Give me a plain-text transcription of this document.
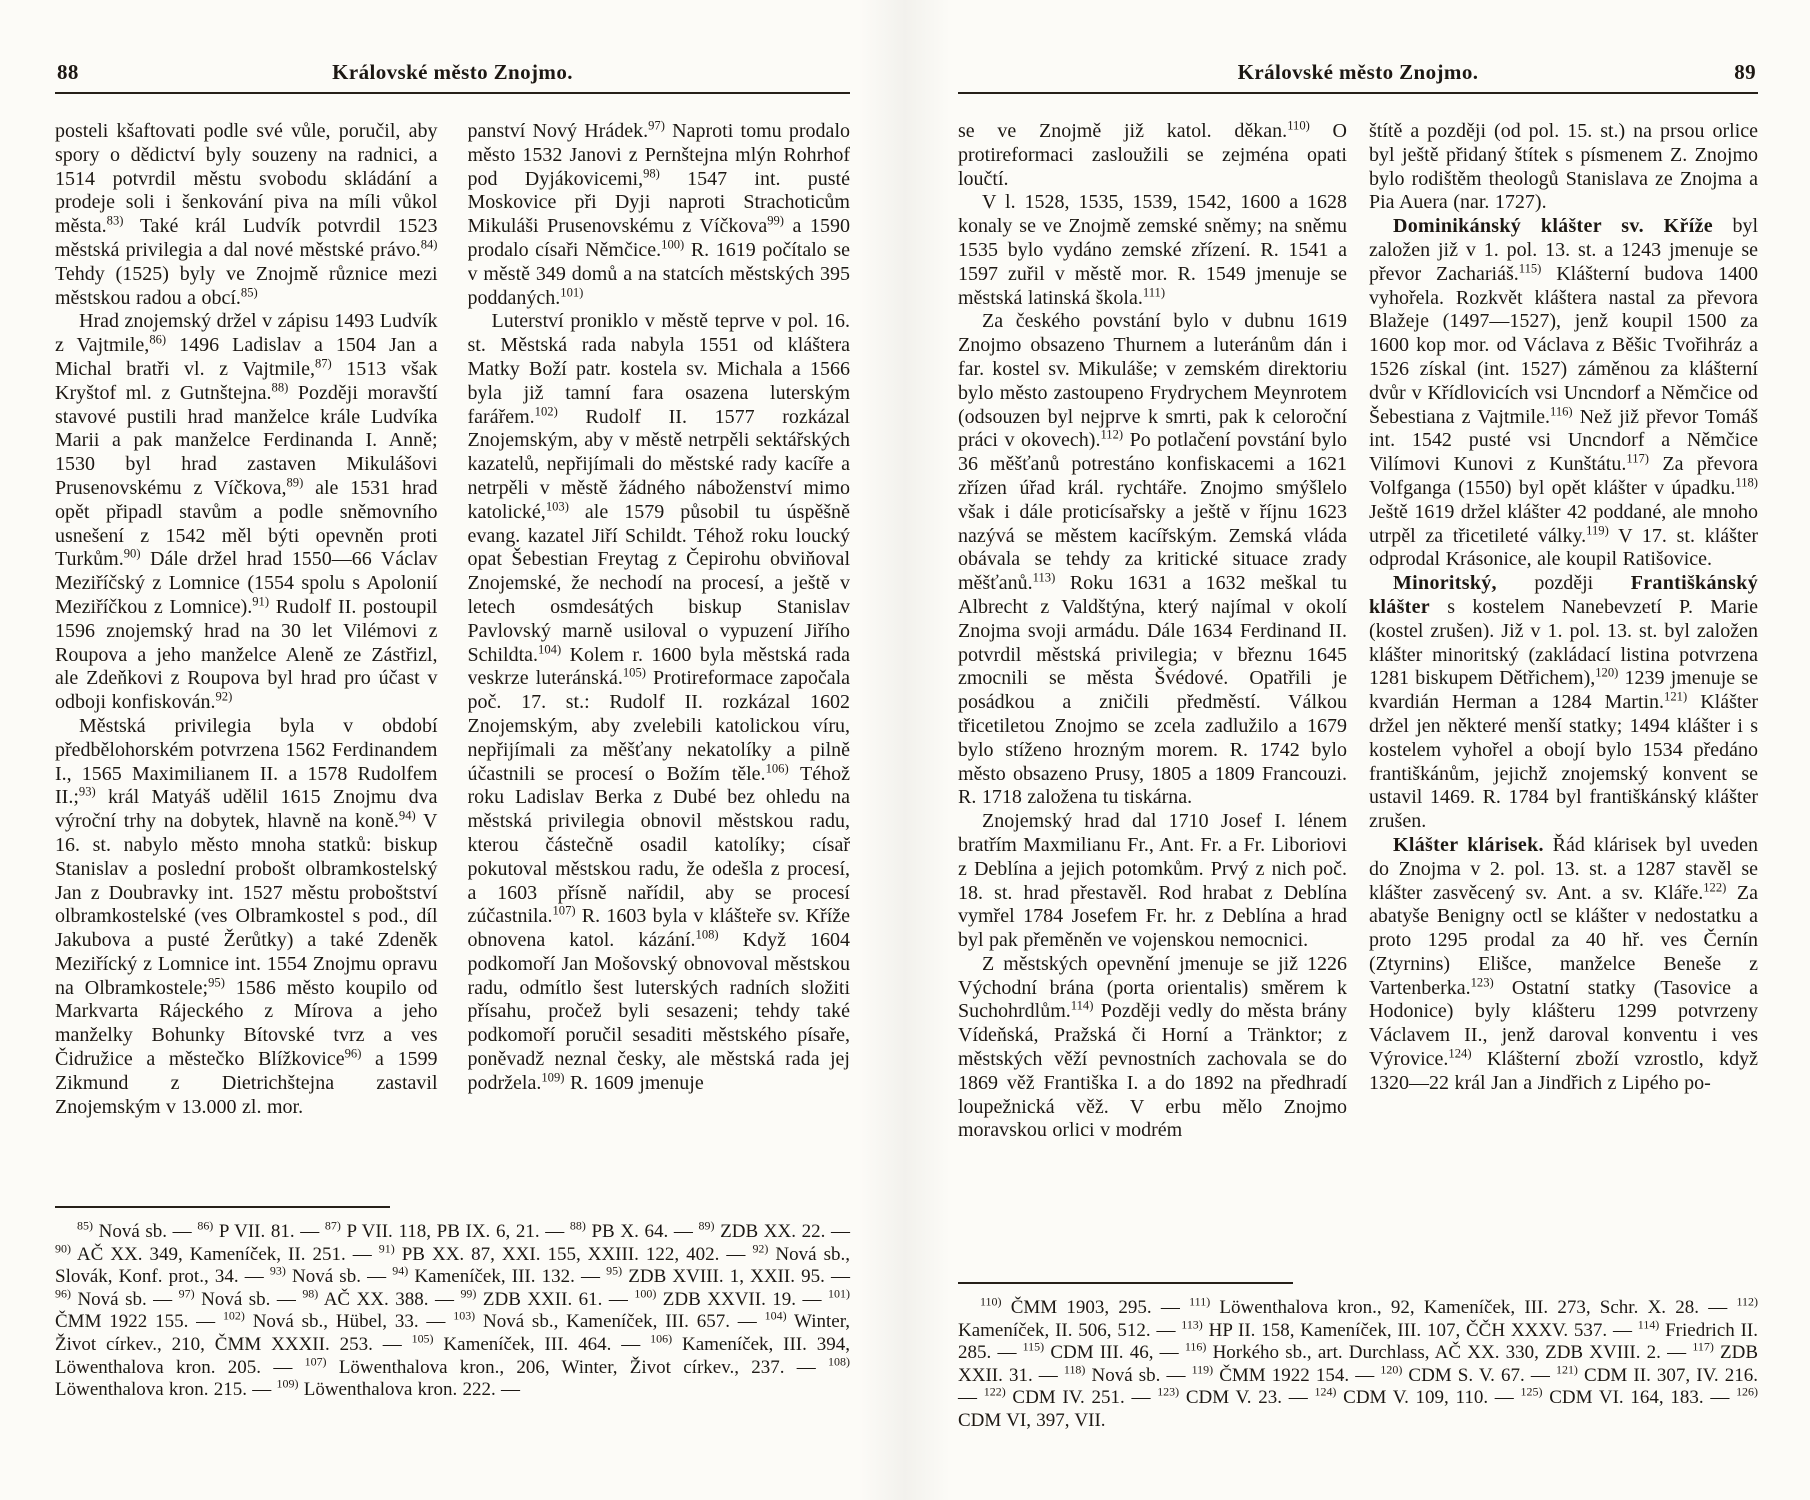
88	Královské město Znojmo.

posteli kšaftovati podle své vůle, poručil, aby spory o dědictví byly souzeny na radnici, a 1514 potvrdil městu svobodu skládání a prodeje soli i šenkování piva na míli vůkol města.$^{83)}$ Také král Ludvík potvrdil 1523 městská privilegia a dal nové městské právo.$^{84)}$ Tehdy (1525) byly ve Znojmě různice mezi městskou radou a obcí.$^{85)}$

Hrad znojemský držel v zápisu 1493 Ludvík z Vajtmile,$^{86)}$ 1496 Ladislav a 1504 Jan a Michal bratři vl. z Vajtmile,$^{87)}$ 1513 však Kryštof ml. z Gutnštejna.$^{88)}$ Později moravští stavové pustili hrad manželce krále Ludvíka Marii a pak manželce Ferdinanda I. Anně; 1530 byl hrad zastaven Mikulášovi Prusenovskému z Víčkova,$^{89)}$ ale 1531 hrad opět připadl stavům a podle sněmovního usnešení z 1542 měl býti opevněn proti Turkům.$^{90)}$ Dále držel hrad 1550—66 Václav Meziříčský z Lomnice (1554 spolu s Apolonií Meziříčkou z Lomnice).$^{91)}$ Rudolf II. postoupil 1596 znojemský hrad na 30 let Vilémovi z Roupova a jeho manželce Aleně ze Zástřizl, ale Zdeňkovi z Roupova byl hrad pro účast v odboji konfiskován.$^{92)}$

Městská privilegia byla v období předbělohorském potvrzena 1562 Ferdinandem I., 1565 Maximilianem II. a 1578 Rudolfem II.;$^{93)}$ král Matyáš udělil 1615 Znojmu dva výroční trhy na dobytek, hlavně na koně.$^{94)}$ V 16. st. nabylo město mnoha statků: biskup Stanislav a poslední probošt olbramkostelský Jan z Doubravky int. 1527 městu proboštství olbramkostelské (ves Olbramkostel s pod., díl Jakubova a pusté Žerůtky) a také Zdeněk Meziřícký z Lomnice int. 1554 Znojmu opravu na Olbramkostele;$^{95)}$ 1586 město koupilo od Markvarta Rájeckého z Mírova a jeho manželky Bohunky Bítovské tvrz a ves Čidružice a městečko Blížkovice$^{96)}$ a 1599 Zikmund z Dietrichštejna zastavil Znojemským v 13.000 zl. mor.

panství Nový Hrádek.$^{97)}$ Naproti tomu prodalo město 1532 Janovi z Pernštejna mlýn Rohrhof pod Dyjákovicemi,$^{98)}$ 1547 int. pusté Moskovice při Dyji naproti Strachoticům Mikuláši Prusenovskému z Víčkova$^{99)}$ a 1590 prodalo císaři Němčice.$^{100)}$ R. 1619 počítalo se v městě 349 domů a na statcích městských 395 poddaných.$^{101)}$

Luterství proniklo v městě teprve v pol. 16. st. Městská rada nabyla 1551 od kláštera Matky Boží patr. kostela sv. Michala a 1566 byla již tamní fara osazena luterským farářem.$^{102)}$ Rudolf II. 1577 rozkázal Znojemským, aby v městě netrpěli sektářských kazatelů, nepřijímali do městské rady kacíře a netrpěli v městě žádného náboženství mimo katolické,$^{103)}$ ale 1579 působil tu úspěšně evang. kazatel Jiří Schildt. Téhož roku loucký opat Šebestian Freytag z Čepirohu obviňoval Znojemské, že nechodí na procesí, a ještě v letech osmdesátých biskup Stanislav Pavlovský marně usiloval o vypuzení Jiřího Schildta.$^{104)}$ Kolem r. 1600 byla městská rada veskrze luteránská.$^{105)}$ Protireformace započala poč. 17. st.: Rudolf II. rozkázal 1602 Znojemským, aby zvelebili katolickou víru, nepřijímali za měšťany nekatolíky a pilně účastnili se procesí o Božím těle.$^{106)}$ Téhož roku Ladislav Berka z Dubé bez ohledu na městská privilegia obnovil městskou radu, kterou částečně osadil katolíky; císař pokutoval městskou radu, že odešla z procesí, a 1603 přísně nařídil, aby se procesí zúčastnila.$^{107)}$ R. 1603 byla v klášteře sv. Kříže obnovena katol. kázání.$^{108)}$ Když 1604 podkomoří Jan Mošovský obnovoval městskou radu, odmítlo šest luterských radních složiti přísahu, pročež byli sesazeni; tehdy také podkomoří poručil sesaditi městského písaře, poněvadž neznal česky, ale městská rada jej podržela.$^{109)}$ R. 1609 jmenuje

$^{85)}$ Nová sb. — $^{86)}$ P VII. 81. — $^{87)}$ P VII. 118, PB IX. 6, 21. — $^{88)}$ PB X. 64. — $^{89)}$ ZDB XX. 22. — $^{90)}$ AČ XX. 349, Kameníček, II. 251. — $^{91)}$ PB XX. 87, XXI. 155, XXIII. 122, 402. — $^{92)}$ Nová sb., Slovák, Konf. prot., 34. — $^{93)}$ Nová sb. — $^{94)}$ Kameníček, III. 132. — $^{95)}$ ZDB XVIII. 1, XXII. 95. — $^{96)}$ Nová sb. — $^{97)}$ Nová sb. — $^{98)}$ AČ XX. 388. — $^{99)}$ ZDB XXII. 61. — $^{100)}$ ZDB XXVII. 19. — $^{101)}$ ČMM 1922 155. — $^{102)}$ Nová sb., Hübel, 33. — $^{103)}$ Nová sb., Kameníček, III. 657. — $^{104)}$ Winter, Život církev., 210, ČMM XXXII. 253. — $^{105)}$ Kameníček, III. 464. — $^{106)}$ Kameníček, III. 394, Löwenthalova kron. 205. — $^{107)}$ Löwenthalova kron., 206, Winter, Život církev., 237. — $^{108)}$ Löwenthalova kron. 215. — $^{109)}$ Löwenthalova kron. 222. —
Královské město Znojmo.	89

se ve Znojmě již katol. děkan.$^{110)}$ O protireformaci zasloužili se zejména opati loučtí.

V l. 1528, 1535, 1539, 1542, 1600 a 1628 konaly se ve Znojmě zemské sněmy; na sněmu 1535 bylo vydáno zemské zřízení. R. 1541 a 1597 zuřil v městě mor. R. 1549 jmenuje se městská latinská škola.$^{111)}$

Za českého povstání bylo v dubnu 1619 Znojmo obsazeno Thurnem a luteránům dán i far. kostel sv. Mikuláše; v zemském direktoriu bylo město zastoupeno Frydrychem Meynrotem (odsouzen byl nejprve k smrti, pak k celoroční práci v okovech).$^{112)}$ Po potlačení povstání bylo 36 měšťanů potrestáno konfiskacemi a 1621 zřízen úřad král. rychtáře. Znojmo smýšlelo však i dále proticísařsky a ještě v říjnu 1623 nazývá se městem kacířským. Zemská vláda obávala se tehdy za kritické situace zrady měšťanů.$^{113)}$ Roku 1631 a 1632 meškal tu Albrecht z Valdštýna, který najímal v okolí Znojma svoji armádu. Dále 1634 Ferdinand II. potvrdil městská privilegia; v březnu 1645 zmocnili se města Švédové. Opatřili je posádkou a zničili předměstí. Válkou třicetiletou Znojmo se zcela zadlužilo a 1679 bylo stíženo hrozným morem. R. 1742 bylo město obsazeno Prusy, 1805 a 1809 Francouzi. R. 1718 založena tu tiskárna.

Znojemský hrad dal 1710 Josef I. lénem bratřím Maxmilianu Fr., Ant. Fr. a Fr. Liboriovi z Deblína a jejich potomkům. Prvý z nich poč. 18. st. hrad přestavěl. Rod hrabat z Deblína vymřel 1784 Josefem Fr. hr. z Deblína a hrad byl pak přeměněn ve vojenskou nemocnici.

Z městských opevnění jmenuje se již 1226 Východní brána (porta orientalis) směrem k Suchohrdlům.$^{114)}$ Později vedly do města brány Vídeňská, Pražská či Horní a Tränktor; z městských věží pevnostních zachovala se do 1869 věž Františka I. a do 1892 na předhradí loupežnická věž. V erbu mělo Znojmo moravskou orlici v modrém

štítě a později (od pol. 15. st.) na prsou orlice byl ještě přidaný štítek s písmenem Z. Znojmo bylo rodištěm theologů Stanislava ze Znojma a Pia Auera (nar. 1727).

Dominikánský klášter sv. Kříže byl založen již v 1. pol. 13. st. a 1243 jmenuje se převor Zachariáš.$^{115)}$ Klášterní budova 1400 vyhořela. Rozkvět kláštera nastal za převora Blažeje (1497—1527), jenž koupil 1500 za 1600 kop mor. od Václava z Běšic Tvořihráz a 1526 získal (int. 1527) záměnou za klášterní dvůr v Křídlovicích vsi Uncndorf a Němčice od Šebestiana z Vajtmile.$^{116)}$ Než již převor Tomáš int. 1542 pusté vsi Uncndorf a Němčice Vilímovi Kunovi z Kunštátu.$^{117)}$ Za převora Volfganga (1550) byl opět klášter v úpadku.$^{118)}$ Ještě 1619 držel klášter 42 poddané, ale mnoho utrpěl za třicetileté války.$^{119)}$ V 17. st. klášter odprodal Krásonice, ale koupil Ratišovice.

Minoritský, později Františkánský klášter s kostelem Nanebevzetí P. Marie (kostel zrušen). Již v 1. pol. 13. st. byl založen klášter minoritský (zakládací listina potvrzena 1281 biskupem Dětřichem),$^{120)}$ 1239 jmenuje se kvardián Herman a 1284 Martin.$^{121)}$ Klášter držel jen některé menší statky; 1494 klášter i s kostelem vyhořel a obojí bylo 1534 předáno františkánům, jejichž znojemský konvent se ustavil 1469. R. 1784 byl františkánský klášter zrušen.

Klášter klárisek. Řád klárisek byl uveden do Znojma v 2. pol. 13. st. a 1287 stavěl se klášter zasvěcený sv. Ant. a sv. Kláře.$^{122)}$ Za abatyše Benigny octl se klášter v nedostatku a proto 1295 prodal za 40 hř. ves Černín (Ztyrnins) Elišce, manželce Beneše z Vartenberka.$^{123)}$ Ostatní statky (Tasovice a Hodonice) byly klášteru 1299 potvrzeny Václavem II., jenž daroval konventu i ves Výrovice.$^{124)}$ Klášterní zboží vzrostlo, když 1320—22 král Jan a Jindřich z Lipého po-

$^{110)}$ ČMM 1903, 295. — $^{111)}$ Löwenthalova kron., 92, Kameníček, III. 273, Schr. X. 28. — $^{112)}$ Kameníček, II. 506, 512. — $^{113)}$ HP II. 158, Kameníček, III. 107, ČČH XXXV. 537. — $^{114)}$ Friedrich II. 285. — $^{115)}$ CDM III. 46, — $^{116)}$ Horkého sb., art. Durchlass, AČ XX. 330, ZDB XVIII. 2. — $^{117)}$ ZDB XXII. 31. — $^{118)}$ Nová sb. — $^{119)}$ ČMM 1922 154. — $^{120)}$ CDM S. V. 67. — $^{121)}$ CDM II. 307, IV. 216. — $^{122)}$ CDM IV. 251. — $^{123)}$ CDM V. 23. — $^{124)}$ CDM V. 109, 110. — $^{125)}$ CDM VI. 164, 183. — $^{126)}$ CDM VI, 397, VII.
